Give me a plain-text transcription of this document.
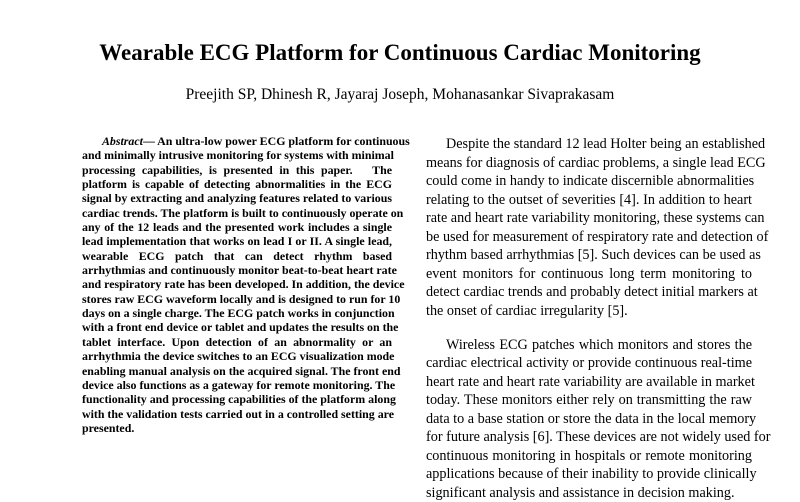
Wearable ECG Platform for Continuous Cardiac Monitoring
Preejith SP, Dhinesh R, Jayaraj Joseph, Mohanasankar Sivaprakasam
Abstract— An ultra-low power ECG platform for continuous
and minimally intrusive monitoring for systems with minimal
processing capabilities, is presented in this paper.   The
platform is capable of detecting abnormalities in the ECG
signal by extracting and analyzing features related to various
cardiac trends. The platform is built to continuously operate on
any of the 12 leads and the presented work includes a single
lead implementation that works on lead I or II. A single lead,
wearable ECG patch that can detect rhythm based
arrhythmias and continuously monitor beat-to-beat heart rate
and respiratory rate has been developed. In addition, the device
stores raw ECG waveform locally and is designed to run for 10
days on a single charge. The ECG patch works in conjunction
with a front end device or tablet and updates the results on the
tablet interface. Upon detection of an abnormality or an
arrhythmia the device switches to an ECG visualization mode
enabling manual analysis on the acquired signal. The front end
device also functions as a gateway for remote monitoring. The
functionality and processing capabilities of the platform along
with the validation tests carried out in a controlled setting are
presented.
Despite the standard 12 lead Holter being an established
means for diagnosis of cardiac problems, a single lead ECG
could come in handy to indicate discernible abnormalities
relating to the outset of severities [4]. In addition to heart
rate and heart rate variability monitoring, these systems can
be used for measurement of respiratory rate and detection of
rhythm based arrhythmias [5]. Such devices can be used as
event monitors for continuous long term monitoring to
detect cardiac trends and probably detect initial markers at
the onset of cardiac irregularity [5].
Wireless ECG patches which monitors and stores the
cardiac electrical activity or provide continuous real-time
heart rate and heart rate variability are available in market
today. These monitors either rely on transmitting the raw
data to a base station or store the data in the local memory
for future analysis [6]. These devices are not widely used for
continuous monitoring in hospitals or remote monitoring
applications because of their inability to provide clinically
significant analysis and assistance in decision making.
